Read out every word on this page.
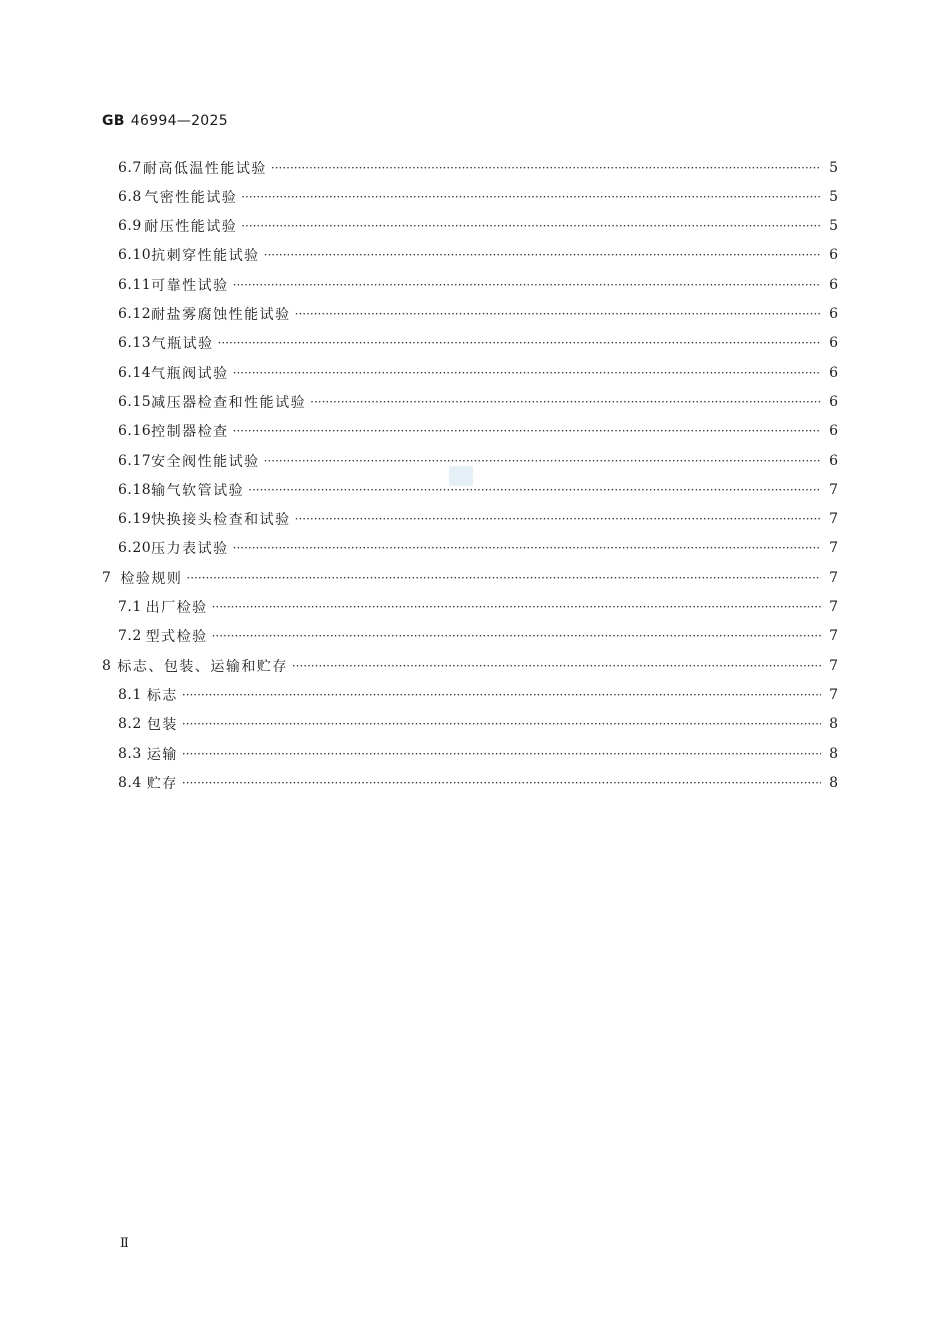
GB 46994—2025
6.7 耐高低温性能试验 ·····	5
6.8 气密性能试验 ·····	5
6.9 耐压性能试验 ·····	5
6.10 抗刺穿性能试验 ·····	6
6.11 可靠性试验 ·····	6
6.12 耐盐雾腐蚀性能试验 ·····	6
6.13 气瓶试验 ·····	6
6.14 气瓶阀试验 ·····	6
6.15 减压器检查和性能试验 ·····	6
6.16 控制器检查 ·····	6
6.17 安全阀性能试验 ·····	6
6.18 输气软管试验 ·····	7
6.19 快换接头检查和试验 ·····	7
6.20 压力表试验 ·····	7
7 检验规则 ·····	7
7.1 出厂检验 ·····	7
7.2 型式检验 ·····	7
8 标志、包装、运输和贮存 ·····	7
8.1 标志 ·····	7
8.2 包装 ·····	8
8.3 运输 ·····	8
8.4 贮存 ·····	8
Ⅱ
